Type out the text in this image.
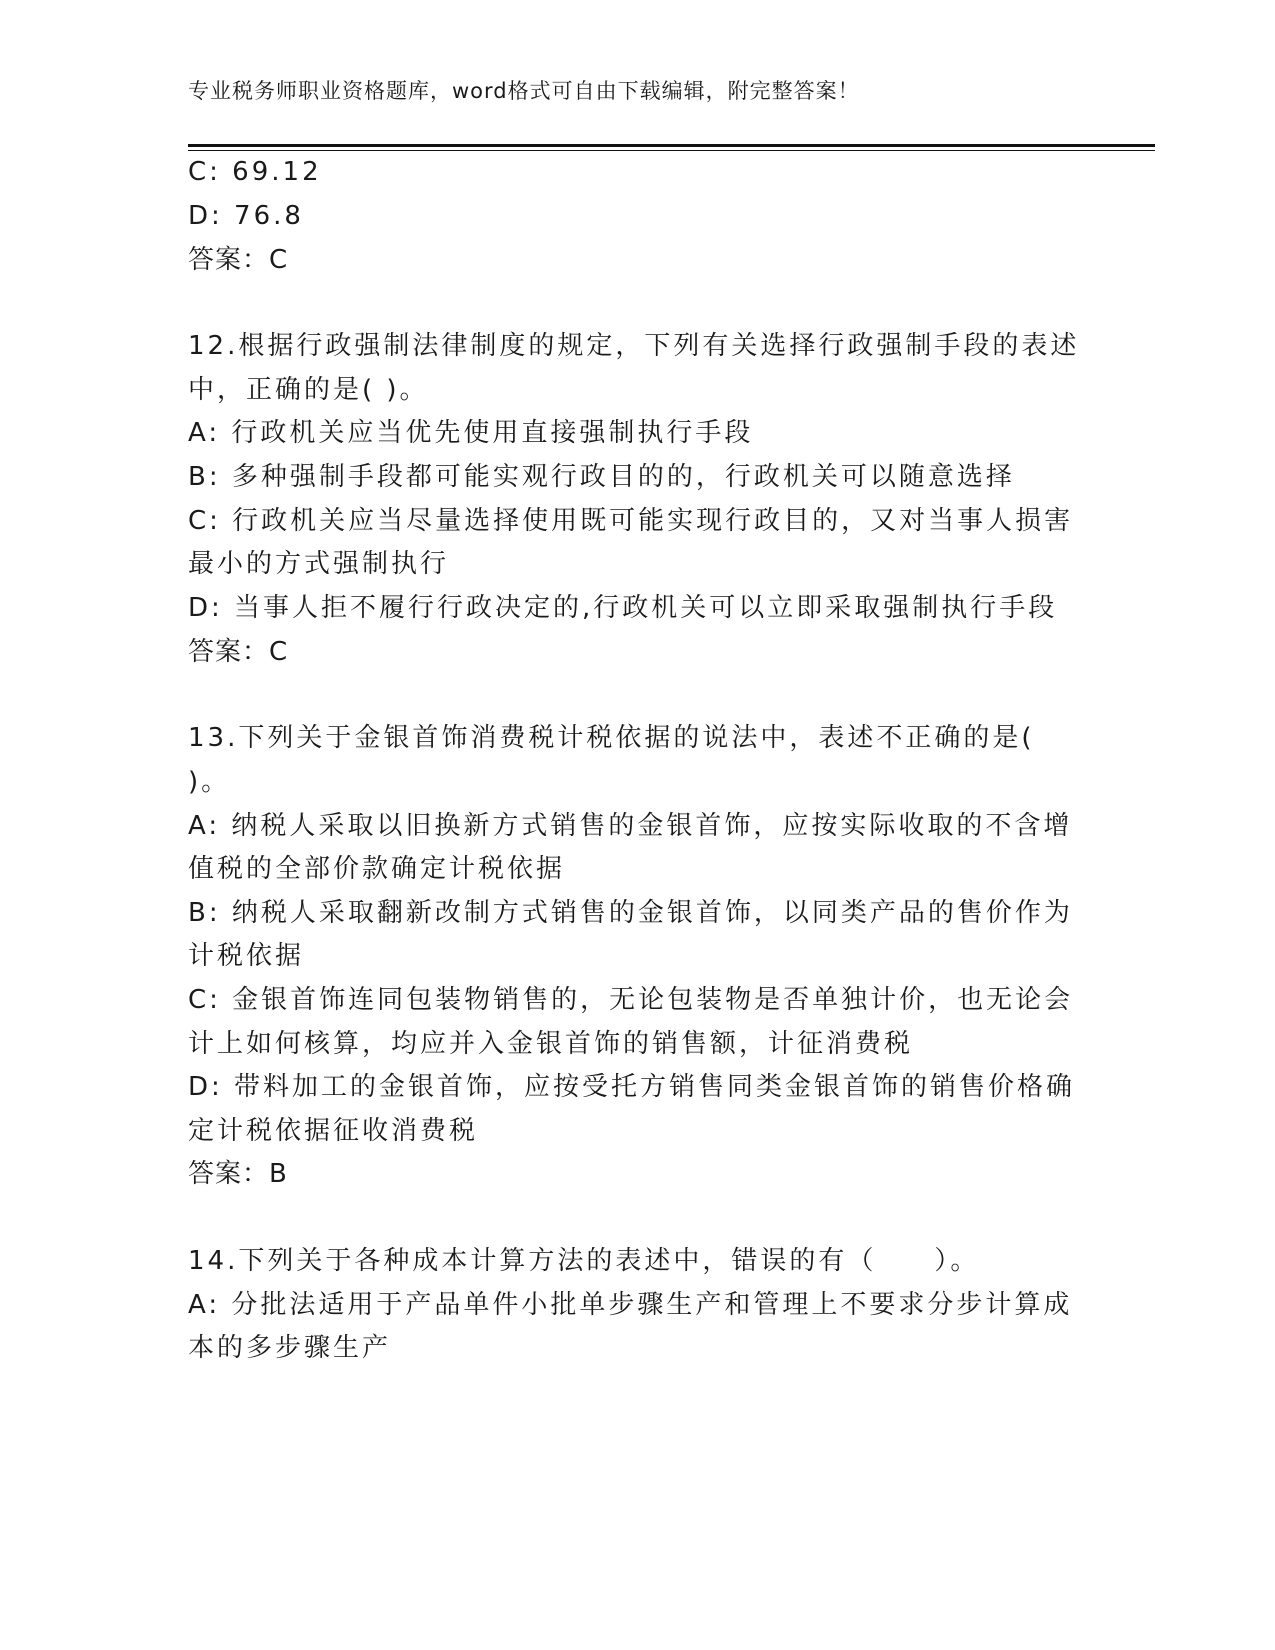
专业税务师职业资格题库，word格式可自由下载编辑，附完整答案！
C: 69.12
D: 76.8
答案：C
12.根据行政强制法律制度的规定，下列有关选择行政强制手段的表述
中，正确的是( )。
A: 行政机关应当优先使用直接强制执行手段
B: 多种强制手段都可能实观行政目的的，行政机关可以随意选择
C: 行政机关应当尽量选择使用既可能实现行政目的，又对当事人损害
最小的方式强制执行
D: 当事人拒不履行行政决定的,行政机关可以立即采取强制执行手段
答案：C
13.下列关于金银首饰消费税计税依据的说法中，表述不正确的是(
)。
A: 纳税人采取以旧换新方式销售的金银首饰，应按实际收取的不含增
值税的全部价款确定计税依据
B: 纳税人采取翻新改制方式销售的金银首饰，以同类产品的售价作为
计税依据
C: 金银首饰连同包装物销售的，无论包装物是否单独计价，也无论会
计上如何核算，均应并入金银首饰的销售额，计征消费税
D: 带料加工的金银首饰，应按受托方销售同类金银首饰的销售价格确
定计税依据征收消费税
答案：B
14.下列关于各种成本计算方法的表述中，错误的有（　　）。
A: 分批法适用于产品单件小批单步骤生产和管理上不要求分步计算成
本的多步骤生产
